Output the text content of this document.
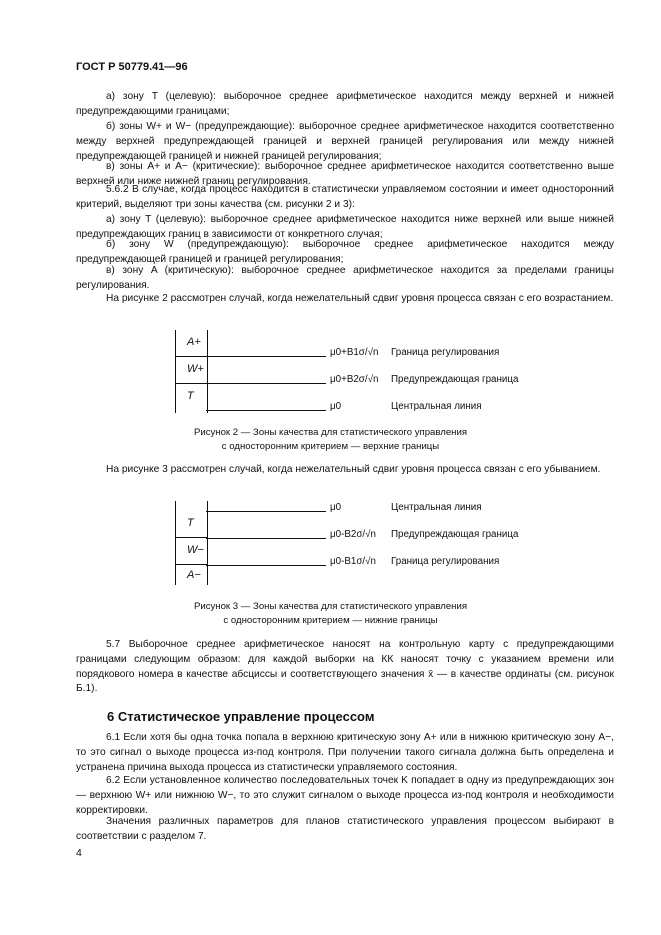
ГОСТ Р 50779.41—96

а) зону T (целевую): выборочное среднее арифметическое находится между верхней и нижней предупреждающими границами;

б) зоны W+ и W− (предупреждающие): выборочное среднее арифметическое находится соответственно между верхней предупреждающей границей и верхней границей регулирования или между нижней предупреждающей границей и нижней границей регулирования;

в) зоны A+ и A− (критические): выборочное среднее арифметическое находится соответственно выше верхней или ниже нижней границ регулирования.

5.6.2 В случае, когда процесс находится в статистически управляемом состоянии и имеет односторонний критерий, выделяют три зоны качества (см. рисунки 2 и 3):

а) зону T (целевую): выборочное среднее арифметическое находится ниже верхней или выше нижней предупреждающих границ в зависимости от конкретного случая;

б) зону W (предупреждающую): выборочное среднее арифметическое находится между предупреждающей границей и границей регулирования;

в) зону A (критическую): выборочное среднее арифметическое находится за пределами границы регулирования.

На рисунке 2 рассмотрен случай, когда нежелательный сдвиг уровня процесса связан с его возрастанием.

A+
W+
T
μ0+B1σ/√n
μ0+B2σ/√n
μ0
Граница регулирования
Предупреждающая граница
Центральная линия
Рисунок 2 — Зоны качества для статистического управления
с односторонним критерием — верхние границы

На рисунке 3 рассмотрен случай, когда нежелательный сдвиг уровня процесса связан с его убыванием.

T
W−
A−
μ0
μ0-B2σ/√n
μ0-B1σ/√n
Центральная линия
Предупреждающая граница
Граница регулирования
Рисунок 3 — Зоны качества для статистического управления
с односторонним критерием — нижние границы

5.7 Выборочное среднее арифметическое наносят на контрольную карту с предупреждающими границами следующим образом: для каждой выборки на КК наносят точку с указанием времени или порядкового номера в качестве абсциссы и соответствующего значения x̄ — в качестве ординаты (см. рисунок Б.1).

6 Статистическое управление процессом

6.1 Если хотя бы одна точка попала в верхнюю критическую зону A+ или в нижнюю критическую зону A−, то это сигнал о выходе процесса из-под контроля. При получении такого сигнала должна быть определена и устранена причина выхода процесса из статистически управляемого состояния.

6.2 Если установленное количество последовательных точек K попадает в одну из предупреждающих зон — верхнюю W+ или нижнюю W−, то это служит сигналом о выходе процесса из-под контроля и необходимости корректировки.

Значения различных параметров для планов статистического управления процессом выбирают в соответствии с разделом 7.

4
